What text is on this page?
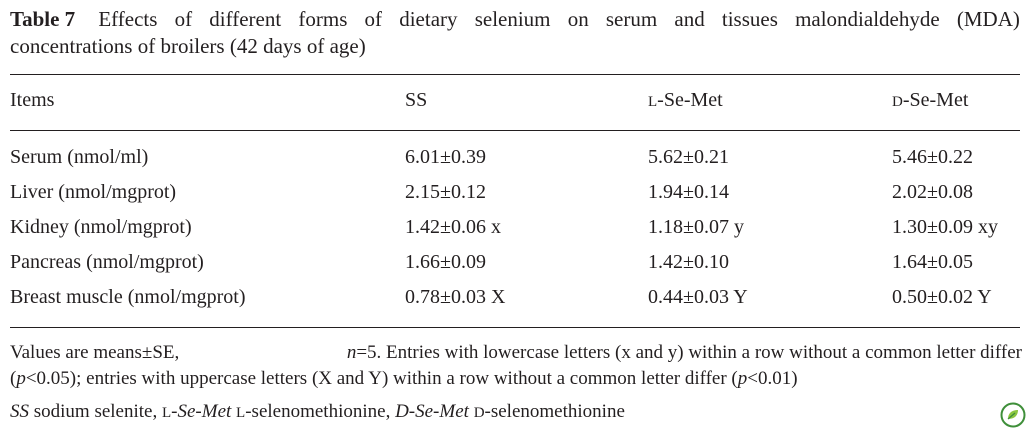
Table 7 Effects of different forms of dietary selenium on serum and tissues malondialdehyde (MDA)
concentrations of broilers (42 days of age)
Items	SS	L-Se-Met	D-Se-Met
Serum (nmol/ml)	6.01±0.39	5.62±0.21	5.46±0.22
Liver (nmol/mgprot)	2.15±0.12	1.94±0.14	2.02±0.08
Kidney (nmol/mgprot)	1.42±0.06 x	1.18±0.07 y	1.30±0.09 xy
Pancreas (nmol/mgprot)	1.66±0.09	1.42±0.10	1.64±0.05
Breast muscle (nmol/mgprot)	0.78±0.03 X	0.44±0.03 Y	0.50±0.02 Y
Values are means±SE,	n=5. Entries with lowercase letters (x and y) within a row without a common letter differ
(p<0.05); entries with uppercase letters (X and Y) within a row without a common letter differ (p<0.01)
SS sodium selenite, L-Se-Met L-selenomethionine, D-Se-Met D-selenomethionine
